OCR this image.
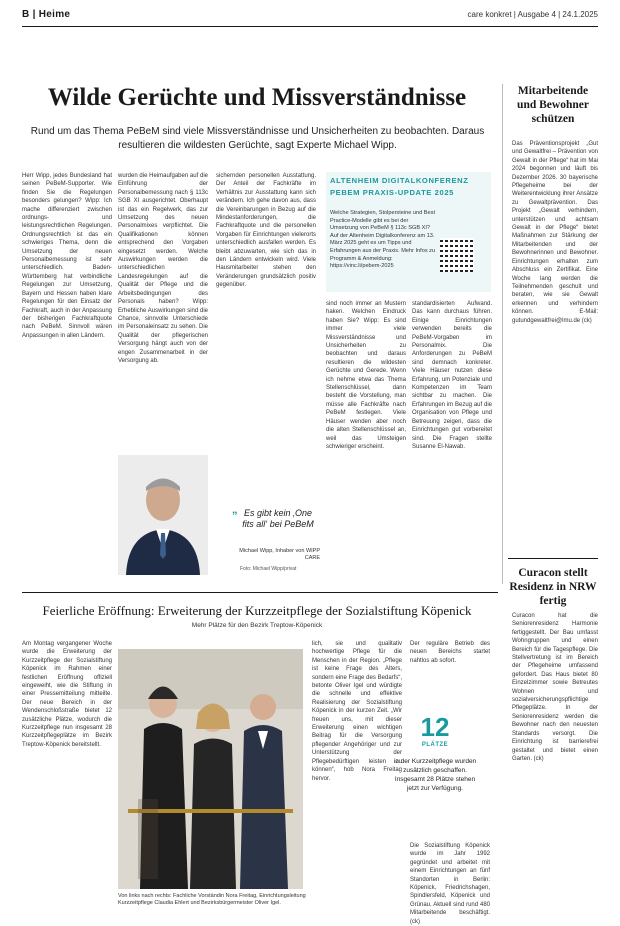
B | Heime	care konkret | Ausgabe 4 | 24.1.2025
Wilde Gerüchte und Missverständnisse
Rund um das Thema PeBeM sind viele Missverständnisse und Unsicherheiten zu beobachten. Daraus resultieren die wildesten Gerüchte, sagt Experte Michael Wipp.
Herr Wipp, jedes Bundesland hat seinen PeBeM-Supporter. Wie finden Sie die Regelungen besonders gelungen? Wipp: Ich mache differenziert zwischen ordnungs- und leistungsrechtlichen Regelungen. Ordnungsrechtlich ist das ein schwieriges Thema, denn die Umsetzung der neuen Personalbemessung ist sehr unterschiedlich. Baden-Württemberg hat verbindliche Regelungen zur Umsetzung, Bayern und Hessen haben klare Regelungen für den Einsatz der Fachkraft, auch in der Anpassung der bisherigen Fachkraftquote nach PeBeM. Sinnvoll wären Anpassungen in allen Ländern.
wurden die Heimaufgaben auf die Einführung der Personalbemessung nach § 113c SGB XI ausgerichtet. Oberhaupt ist das ein Regelwerk, das zur Umsetzung des neuen Personalmixes verpflichtet. Die Qualifikationen können entsprechend den Vorgaben eingesetzt werden. Welche Auswirkungen werden die unterschiedlichen Landesregelungen auf die Qualität der Pflege und die Arbeitsbedingungen des Personals haben? Wipp: Erhebliche Auswirkungen sind die Chance, sinnvolle Unterschiede im Personaleinsatz zu sehen. Die Qualität der pflegerischen Versorgung hängt auch von der engen Zusammenarbeit in der Versorgung ab.
sichernden personellen Ausstattung. Der Anteil der Fachkräfte im Verhältnis zur Ausstattung kann sich verändern. Ich gehe davon aus, dass die Vereinbarungen in Bezug auf die Mindestanforderungen, die Fachkraftquote und die personellen Vorgaben für Einrichtungen vielerorts unterschiedlich ausfallen werden. Es bleibt abzuwarten, wie sich das in den Ländern entwickeln wird. Viele Hausmitarbeiter stehen den Veränderungen grundsätzlich positiv gegenüber.
ALTENHEIM DIGITALKONFERENZ
PEBEM PRAXIS-UPDATE 2025
Welche Strategien, Stolpersteine und Best Practice-Modelle gibt es bei der Umsetzung von PeBeM § 113c SGB XI? Auf der Altenheim Digitalkonferenz am 13. März 2025 geht es um Tipps und Erfahrungen aus der Praxis. Mehr Infos zu Programm & Anmeldung: https://vinc.li/pebem-2025
sind noch immer an Mustern haken. Welchen Eindruck haben Sie? Wipp: Es sind immer viele Missverständnisse und Unsicherheiten zu beobachten und daraus resultieren die wildesten Gerüchte und Gerede. Wenn ich nehme etwa das Thema Stellenschlüssel, dann besteht die Vorstellung, man müsse alle Fachkräfte nach PeBeM festlegen. Viele Häuser wenden aber noch die alten Stellenschlüssel an, weil das Umsteigen schwieriger erscheint.
standardisierten Aufwand. Das kann durchaus führen. Einige Einrichtungen verwenden bereits die PeBeM-Vorgaben im Personalmix. Die Anforderungen zu PeBeM sind demnach konkreter. Viele Häuser nutzen diese Erfahrung, um Potenziale und Kompetenzen im Team sichtbar zu machen. Die Erfahrungen im Bezug auf die Organisation von Pflege und Betreuung zeigen, dass die Einrichtungen gut vorbereitet sind. Die Fragen stellte Susanne El-Nawab.
„ Es gibt kein ‚One fits all‘ bei PeBeM
Michael Wipp, Inhaber von WIPP CARE
Foto: Michael Wipp/privat
Mitarbeitende und Bewohner schützen
Das Präventionsprojekt „Gut und Gewaltfrei – Prävention von Gewalt in der Pflege“ hat im Mai 2024 begonnen und läuft bis Dezember 2026. 30 bayerische Pflegeheime bei der Weiterentwicklung ihrer Ansätze zu Gewaltprävention. Das Projekt „Gewalt verhindern, unterstützen und achtsam Gewalt in der Pflege“ bietet Maßnahmen zur Stärkung der Mitarbeitenden und der Bewohnerinnen und Bewohner. Einrichtungen erhalten zum Abschluss ein Zertifikat. Eine Woche lang werden die Teilnehmenden geschult und beraten, wie sie Gewalt erkennen und verhindern können. E-Mail: gutundgewaltfrei@lmu.de (ck)
Curacon stellt Residenz in NRW fertig
Curacon hat die Seniorenresidenz Harmonie fertiggestellt. Der Bau umfasst Wohngruppen und einen Bereich für die Tagespflege. Die Stellvertretung ist im Bereich der Pflegeheime umfassend gefordert. Das Haus bietet 80 Einzelzimmer sowie Betreutes Wohnen und sozialversicherungspflichtige Pflegeplätze. In der Seniorenresidenz werden die Bewohner nach den neuesten Standards versorgt. Die Einrichtung ist barrierefrei gestaltet und bietet einen Garten. (ck)
Feierliche Eröffnung: Erweiterung der Kurzzeitpflege der Sozialstiftung Köpenick
Mehr Plätze für den Bezirk Treptow-Köpenick
Am Montag vergangener Woche wurde die Erweiterung der Kurzzeitpflege der Sozialstiftung Köpenick im Rahmen einer festlichen Eröffnung offiziell eingeweiht, wie die Stiftung in einer Pressemitteilung mitteilte. Der neue Bereich in der Wendenschloßstraße bietet 12 zusätzliche Plätze, wodurch die Kurzzeitpflege nun insgesamt 28 Kurzzeitpflegeplätze im Bezirk Treptow-Köpenick bereitstellt.
Von links nach rechts: Fachliche Vorständin Nora Freitag, Einrichtungsleitung Kurzzeitpflege Claudia Ehlert und Bezirksbürgermeister Oliver Igel.
lich, sie und qualitativ hochwertige Pflege für die Menschen in der Region. „Pflege ist keine Frage des Alters, sondern eine Frage des Bedarfs“, betonte Oliver Igel und würdigte die schnelle und effektive Realisierung der Sozialstiftung Köpenick in der kurzen Zeit. „Wir freuen uns, mit dieser Erweiterung einen wichtigen Beitrag für die Versorgung pflegender Angehöriger und zur Unterstützung der Pflegebedürftigen leisten zu können“, hob Nora Freitag hervor.
Der regulärе Betrieb des neuen Bereichs startet nahtlos ab sofort.
12
PLÄTZE
in der Kurzzeitpflege wurden zusätzlich geschaffen. Insgesamt 28 Plätze stehen jetzt zur Verfügung.
Die Sozialstiftung Köpenick wurde im Jahr 1992 gegründet und arbeitet mit einem Einrichtungen an fünf Standorten in Berlin: Köpenick, Friedrichshagen, Spindlersfeld, Köpenick und Grünau. Aktuell sind rund 480 Mitarbeitende beschäftigt. (ck)
